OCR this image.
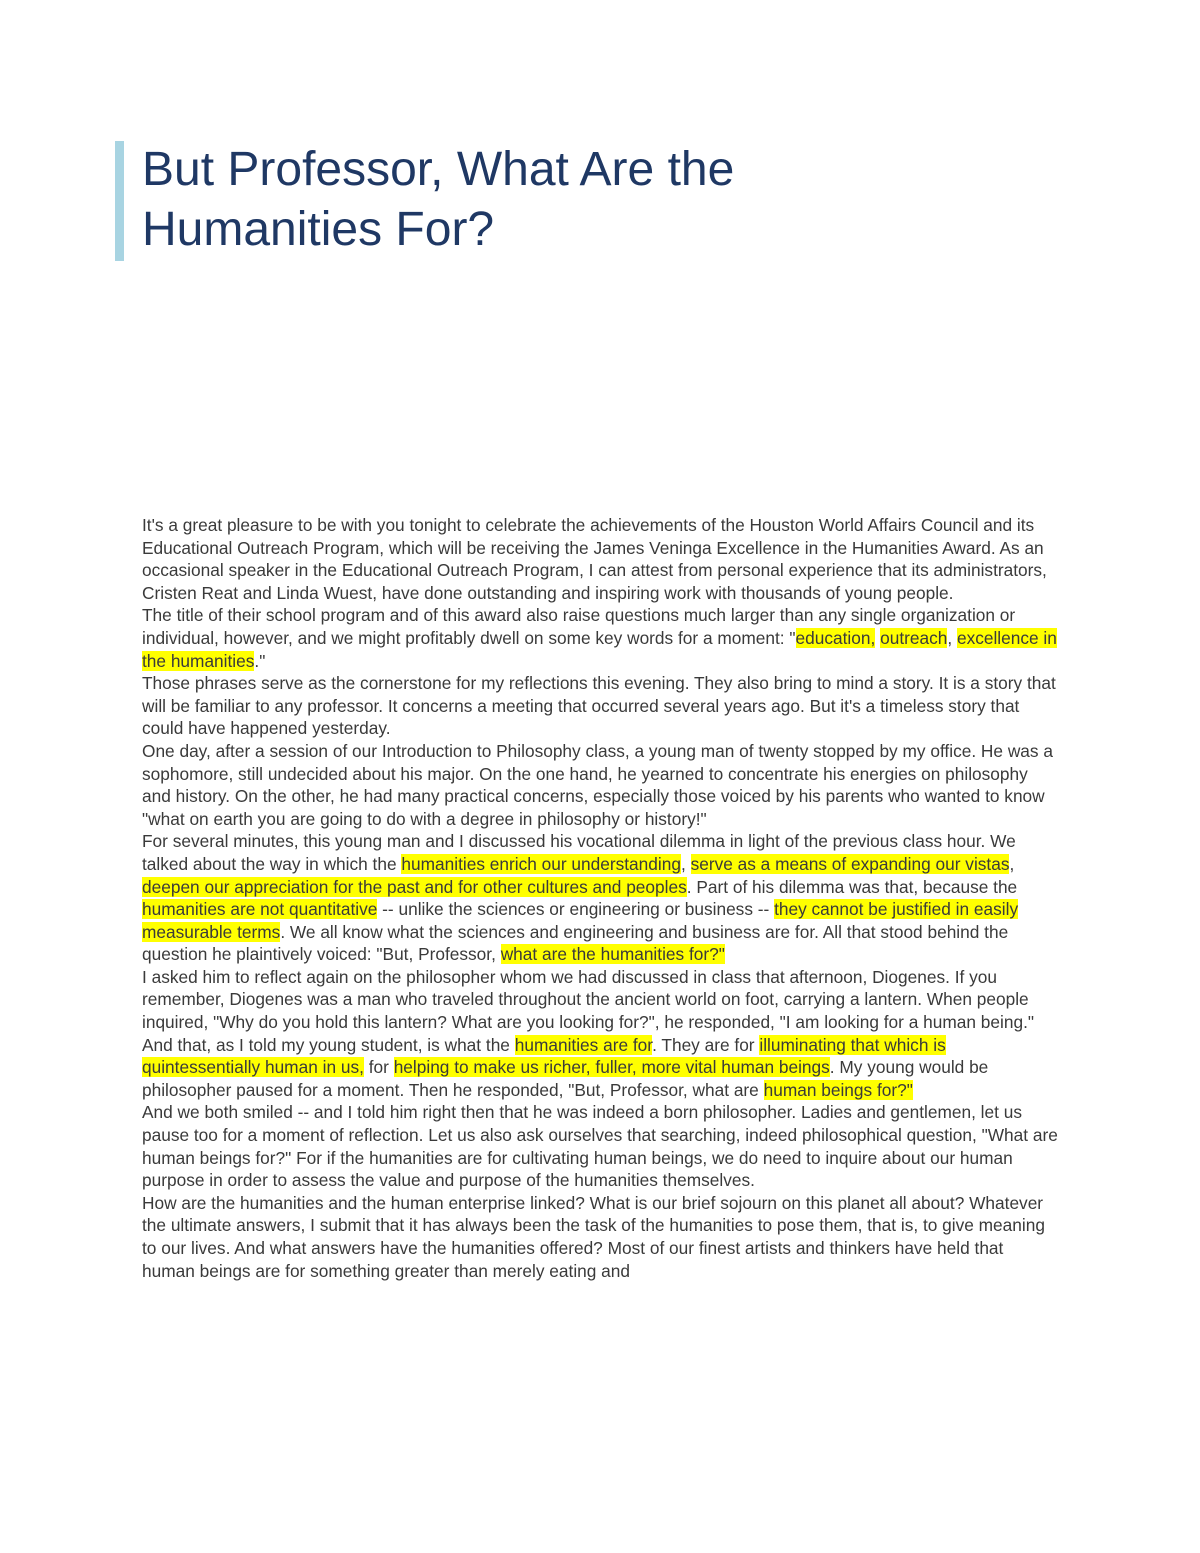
But Professor, What Are the
Humanities For?

It's a great pleasure to be with you tonight to celebrate the achievements of the Houston World Affairs Council and its Educational Outreach Program, which will be receiving the James Veninga Excellence in the Humanities Award. As an occasional speaker in the Educational Outreach Program, I can attest from personal experience that its administrators, Cristen Reat and Linda Wuest, have done outstanding and inspiring work with thousands of young people.

The title of their school program and of this award also raise questions much larger than any single organization or individual, however, and we might profitably dwell on some key words for a moment: "education, outreach, excellence in the humanities."

Those phrases serve as the cornerstone for my reflections this evening. They also bring to mind a story. It is a story that will be familiar to any professor. It concerns a meeting that occurred several years ago. But it's a timeless story that could have happened yesterday.

One day, after a session of our Introduction to Philosophy class, a young man of twenty stopped by my office. He was a sophomore, still undecided about his major. On the one hand, he yearned to concentrate his energies on philosophy and history. On the other, he had many practical concerns, especially those voiced by his parents who wanted to know "what on earth you are going to do with a degree in philosophy or history!"

For several minutes, this young man and I discussed his vocational dilemma in light of the previous class hour. We talked about the way in which the humanities enrich our understanding, serve as a means of expanding our vistas, deepen our appreciation for the past and for other cultures and peoples. Part of his dilemma was that, because the humanities are not quantitative -- unlike the sciences or engineering or business -- they cannot be justified in easily measurable terms. We all know what the sciences and engineering and business are for. All that stood behind the question he plaintively voiced: "But, Professor, what are the humanities for?"

I asked him to reflect again on the philosopher whom we had discussed in class that afternoon, Diogenes. If you remember, Diogenes was a man who traveled throughout the ancient world on foot, carrying a lantern. When people inquired, "Why do you hold this lantern? What are you looking for?", he responded, "I am looking for a human being." And that, as I told my young student, is what the humanities are for. They are for illuminating that which is quintessentially human in us, for helping to make us richer, fuller, more vital human beings. My young would be philosopher paused for a moment. Then he responded, "But, Professor, what are human beings for?"

And we both smiled -- and I told him right then that he was indeed a born philosopher. Ladies and gentlemen, let us pause too for a moment of reflection. Let us also ask ourselves that searching, indeed philosophical question, "What are human beings for?" For if the humanities are for cultivating human beings, we do need to inquire about our human purpose in order to assess the value and purpose of the humanities themselves.

How are the humanities and the human enterprise linked? What is our brief sojourn on this planet all about? Whatever the ultimate answers, I submit that it has always been the task of the humanities to pose them, that is, to give meaning to our lives. And what answers have the humanities offered? Most of our finest artists and thinkers have held that human beings are for something greater than merely eating and
